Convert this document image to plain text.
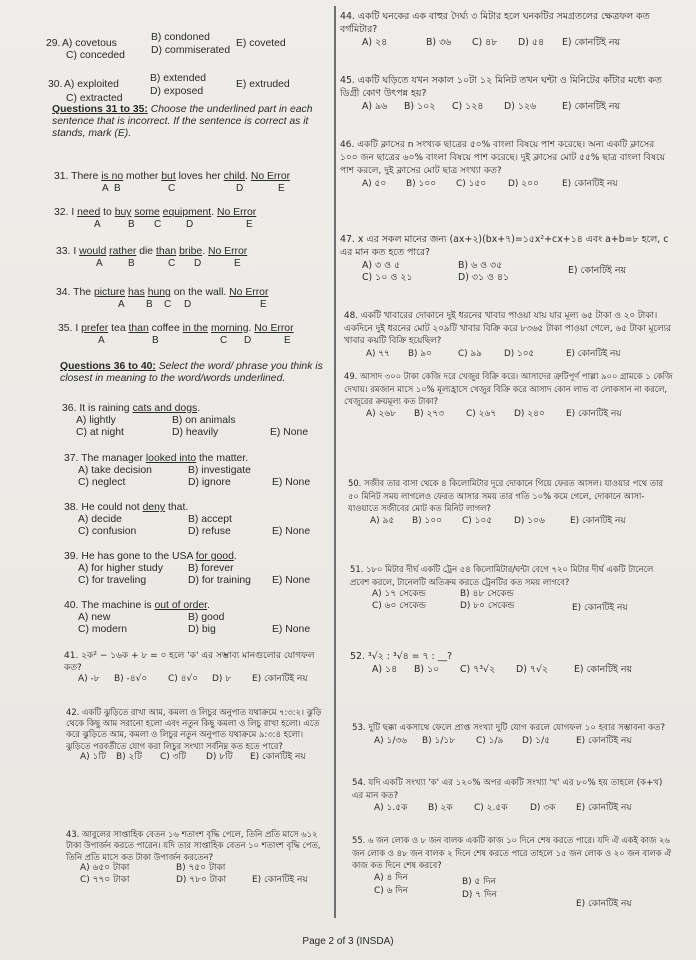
29. A) covetous
B) condoned
C) conceded	D) commiserated
E) coveted
30. A) exploited
B) extended
C) extracted
D) exposed
E) extruded
Questions 31 to 35: Choose the underlined part in each sentence that is incorrect. If the sentence is correct as it stands, mark (E).
31. There is no mother but loves her child. No Error
A B	C	D	E
32. I need to buy some equipment. No Error
A	B C D	E
33. I would rather die than bribe. No Error
A	B	C D	E
34. The picture has hung on the wall. No Error
A B C D	E
35. I prefer tea than coffee in the morning. No Error
A	B	C D	E
Questions 36 to 40: Select the word/ phrase you think is closest in meaning to the word/words underlined.
36. It is raining cats and dogs.
A) lightly	B) on animals
C) at night	D) heavily	E) None
37. The manager looked into the matter.
A) take decision	B) investigate
C) neglect	D) ignore	E) None
38. He could not deny that.
A) decide	B) accept
C) confusion	D) refuse	E) None
39. He has gone to the USA for good.
A) for higher study B) forever
C) for traveling	D) for training E) None
40. The machine is out of order.
A) new	B) good
C) modern	D) big	E) None
41. ২ক² − ১৬ক + ৮ = ০ হলে 'ক' এর সম্ভাব্য মানগুলোর যোগফল কত?
A) -৮ B) -৪√০ C) ৪√০ D) ৮ E) কোনটিই নয়
42. একটি ঝুড়িতে রাখা আম, কমলা ও লিচুর অনুপাত যথাক্রমে ৭:৩:২। ঝুড়ি থেকে কিছু আম সরানো হলো এবং নতুন কিছু কমলা ও লিচু রাখা হলো। এতে করে ঝুড়িতে আম, কমলা ও লিচুর নতুন অনুপাত যথাক্রমে ৯:৩:৪ হলো। ঝুড়িতে পরবর্তীতে যোগ করা লিচুর সংখ্যা সর্বনিম্ন কত হতে পারে?
A) ১টি B) ২টি C) ৩টি D) ৮টি E) কোনটিই নয়
43. আবুলের সাপ্তাহিক বেতন ১৬ শতাংশ বৃদ্ধি পেলে, তিনি প্রতি মাসে ৬১২ টাকা উপার্জন করতে পারেন। যদি তার সাপ্তাহিক বেতন ১০ শতাংশ বৃদ্ধি পেত, তিনি প্রতি মাসে কত টাকা উপার্জন করতেন?
A) ৬৫০ টাকা	B) ৭৫০ টাকা
C) ৭৭০ টাকা	D) ৭৮০ টাকা	E) কোনটিই নয়
44. একটি ঘনকের এক বাহুর দৈর্ঘ্য ৩ মিটার হলে ঘনকটির সমগ্রতলের ক্ষেত্রফল কত বর্গমিটার?
A) ২৪	B) ৩৬ C) ৪৮ D) ৫৪ E) কোনটিই নয়
45. একটি ঘড়িতে যখন সকাল ১০টা ১২ মিনিট তখন ঘন্টা ও মিনিটের কাঁটার মধ্যে কত ডিগ্রী কোণ উৎপন্ন হয়?
A) ৯৬ B) ১০২ C) ১২৪ D) ১২৬	E) কোনটিই নয়
46. একটি ক্লাসের n সংখ্যক ছাত্রের ৫০% বাংলা বিষয়ে পাশ করেছে। অন্য একটি ক্লাসের ১০০ জন ছাত্রের ৬০% বাংলা বিষয়ে পাশ করেছে। দুই ক্লাসের মোট ৫৫% ছাত্র বাংলা বিষয়ে পাশ করলে, দুই ক্লাসের মোট ছাত্র সংখ্যা কত?
A) ৫০ B) ১০০ C) ১৫০ D) ২০০	E) কোনটিই নয়
47. x এর সকল মানের জন্য (ax+২)(bx+৭)=১৫x²+cx+১৪ এবং a+b=৮ হলে, c এর মান কত হতে পারে?
A) ৩ ও ৫	B) ৬ ও ৩৫
C) ১০ ও ২১	D) ৩১ ও ৪১
E) কোনটিই নয়
48. একটি খাবারের দোকানে দুই ধরনের খাবার পাওয়া যায় যার মূল্য ৬৫ টাকা ও ২০ টাকা। একদিনে দুই ধরনের মোট ২০৯টি খাবার বিক্রি করে ৮৩৬৫ টাকা পাওয়া গেলে, ৬৫ টাকা মূল্যের খাবার কয়টি বিক্রি হয়েছিল?
A) ৭৭ B) ৯০	C) ৯৯	D) ১০৫	E) কোনটিই নয়
49. আসাদ ৩০০ টাকা কেজি দরে খেজুর বিক্রি করে। আসাদের ত্রুটিপূর্ণ পাল্লা ৯০০ গ্রামকে ১ কেজি দেখায়। রমজান মাসে ১০% মূল্যহ্রাসে খেজুর বিক্রি করে আসাদ কোন লাভ বা লোকসান না করলে, খেজুরের ক্রয়মূল্য কত টাকা?
A) ২৬৮ B) ২৭৩ C) ২৬৭ D) ২৪০ E) কোনটিই নয়
50. সজীব তার বাসা থেকে ৪ কিলোমিটার দূরে দোকানে গিয়ে ফেরত আসল। যাওয়ার পথে তার ৫০ মিনিট সময় লাগলেও ফেরত আসার সময় তার গতি ১০% কমে গেলে, দোকানে আসা-যাওয়াতে সজীবের মোট কত মিনিট লাগল?
A) ৯৫ B) ১০০ C) ১০৫ D) ১০৬	E) কোনটিই নয়
51. ১৮০ মিটার দীর্ঘ একটি ট্রেন ৫৪ কিলোমিটার/ঘন্টা বেগে ৭২০ মিটার দীর্ঘ একটি টানেলে প্রবেশ করলে, টানেলটি অতিক্রম করতে ট্রেনটির কত সময় লাগবে?
A) ১৭ সেকেন্ড	B) ৪৮ সেকেন্ড
C) ৬০ সেকেন্ড	D) ৮০ সেকেন্ড	E) কোনটিই নয়
52. ³√২ : ³√৪ = ৭ : __?
A) ১৪ B) ১০ C) ৭³√২ D) ৭√২	E) কোনটিই নয়
53. দুটি ছক্কা একসাথে ফেলে প্রাপ্ত সংখ্যা দুটি যোগ করলে যোগফল ১০ হবার সম্ভাবনা কত?
A) ১/৩৬ B) ১/১৮ C) ১/৯ D) ১/৫	E) কোনটিই নয়
54. যদি একটি সংখ্যা 'ক' এর ১২০% অপর একটি সংখ্যা 'খ' এর ৮০% হয় তাহলে (ক+খ) এর মান কত?
A) ১.৫ক B) ২ক C) ২.৫ক D) ৩ক E) কোনটিই নয়
55. ৬ জন লোক ও ৮ জন বালক একটি কাজ ১০ দিনে শেষ করতে পারে। যদি ঐ একই কাজ ২৬ জন লোক ও ৪৮ জন বালক ২ দিনে শেষ করতে পারে তাহলে ১৫ জন লোক ও ২০ জন বালক ঐ কাজ কত দিনে শেষ করবে?
A) ৪ দিন	B) ৫ দিন
C) ৬ দিন	D) ৭ দিন
E) কোনটিই নয়
Page 2 of 3 (INSDA)
